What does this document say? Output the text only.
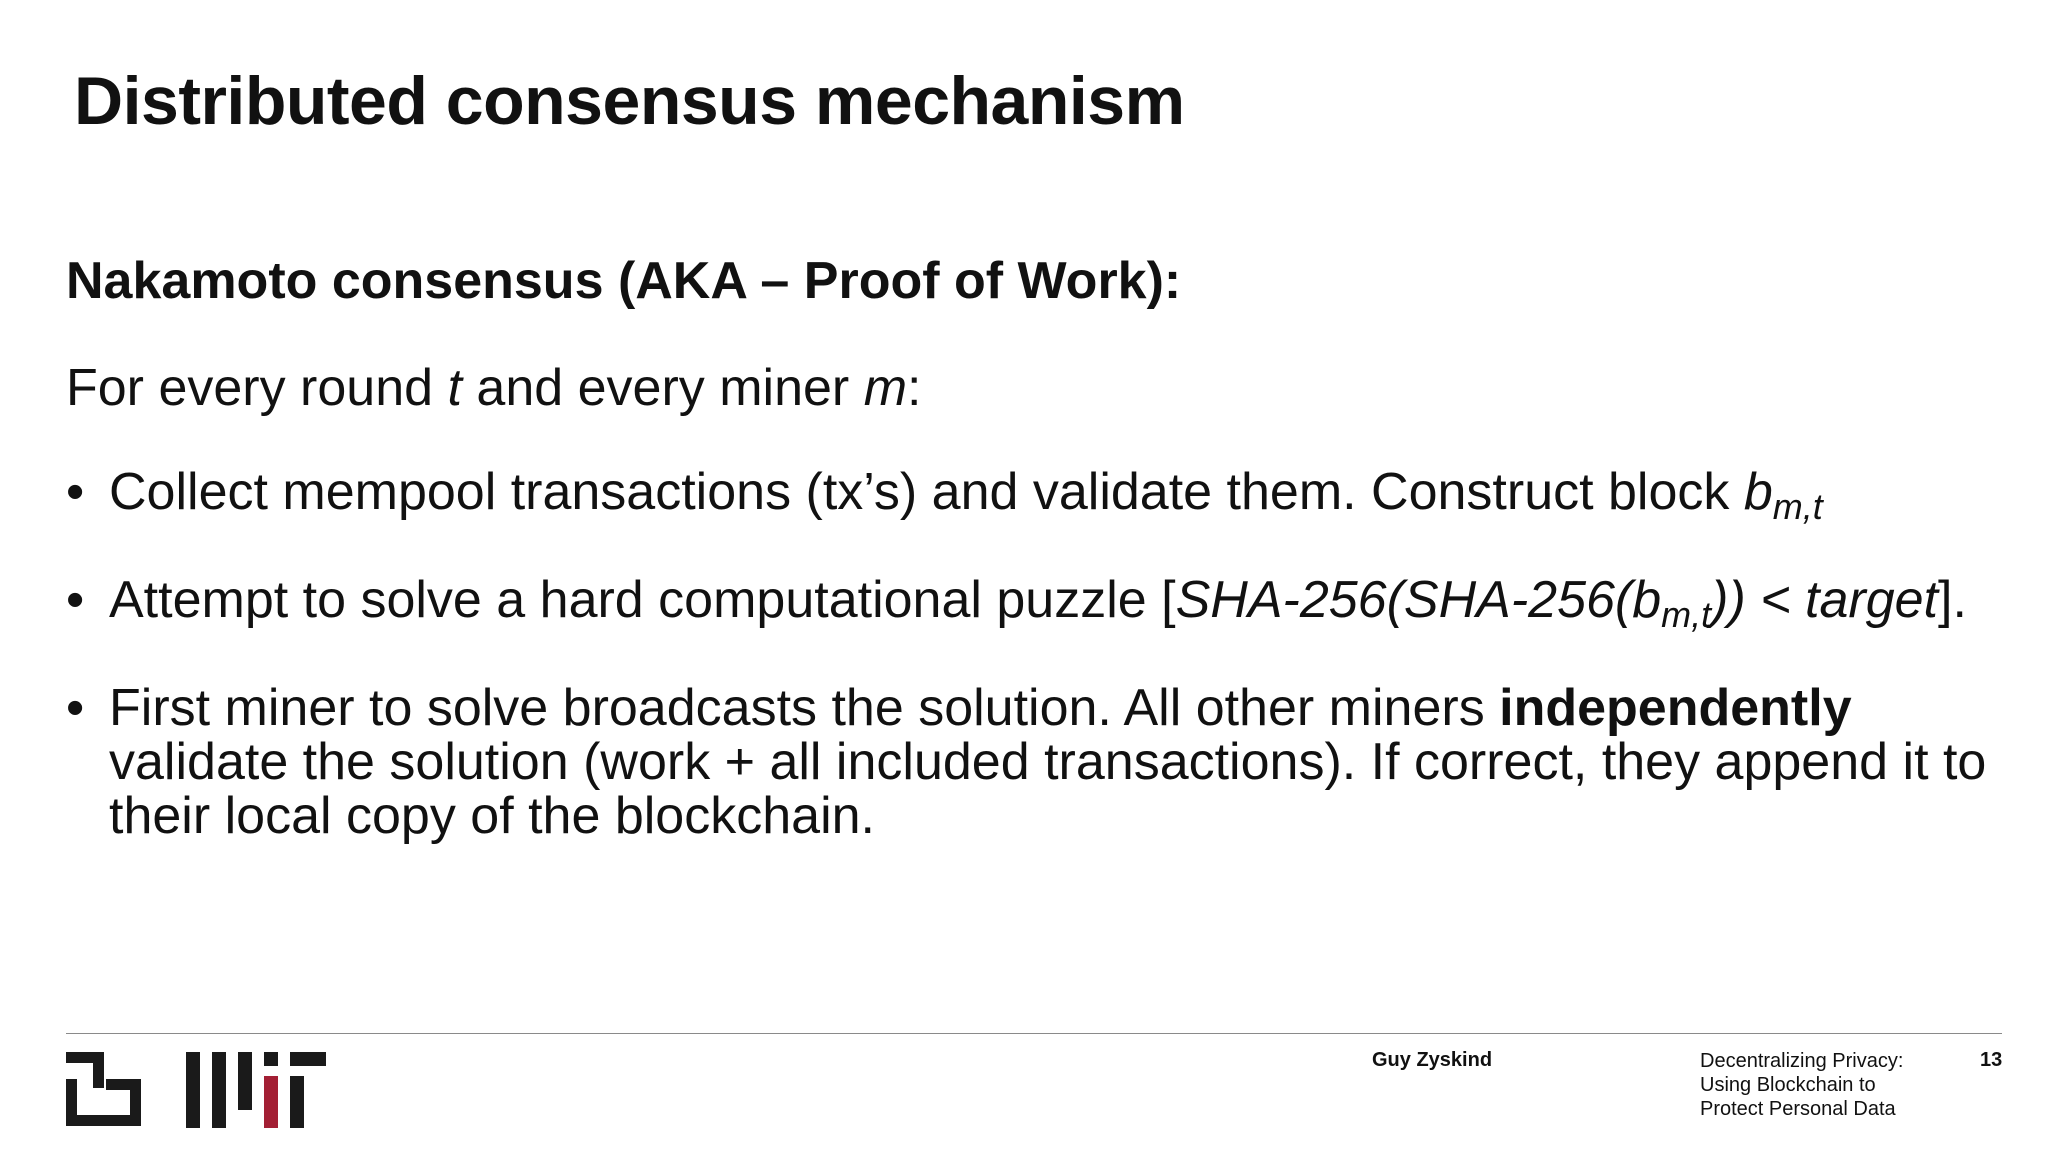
Distributed consensus mechanism
Nakamoto consensus (AKA – Proof of Work):
For every round t and every miner m:
• Collect mempool transactions (tx’s) and validate them. Construct block $b_{m,t}$
• Attempt to solve a hard computational puzzle [$SHA-256(SHA-256(b_{m,t}))$ < target].
• First miner to solve broadcasts the solution. All other miners independently validate the solution (work + all included transactions). If correct, they append it to their local copy of the blockchain.
Guy Zyskind	Decentralizing Privacy:
Using Blockchain to
Protect Personal Data
13
